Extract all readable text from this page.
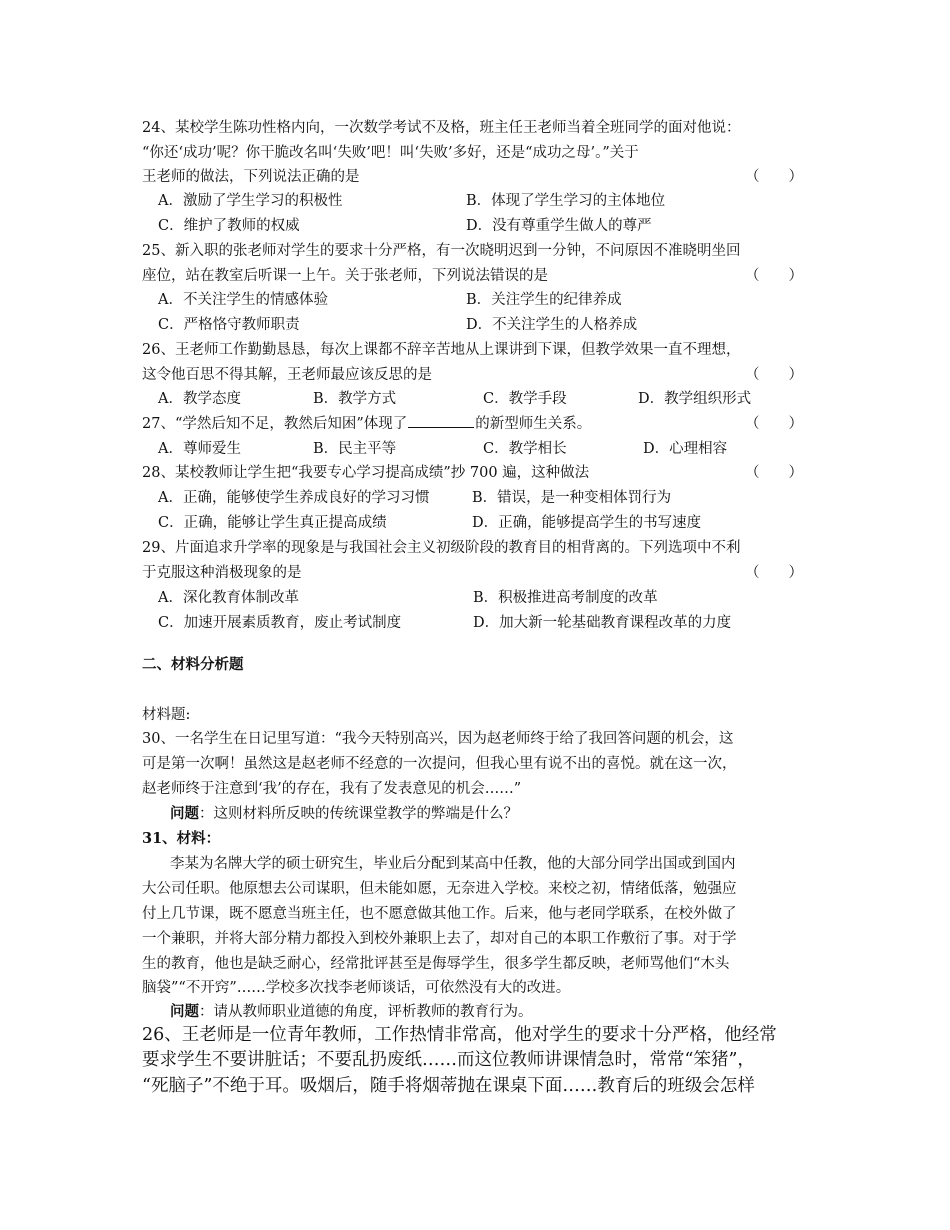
24、某校学生陈功性格内向，一次数学考试不及格，班主任王老师当着全班同学的面对他说：
“你还‘成功’呢？你干脆改名叫‘失败’吧！叫‘失败’多好，还是“成功之母’。”关于
王老师的做法，下列说法正确的是	（　　）
A．激励了学生学习的积极性	B．体现了学生学习的主体地位
C．维护了教师的权威	D．没有尊重学生做人的尊严
25、新入职的张老师对学生的要求十分严格，有一次晓明迟到一分钟，不问原因不准晓明坐回
座位，站在教室后听课一上午。关于张老师，下列说法错误的是	（　　）
A．不关注学生的情感体验	B．关注学生的纪律养成
C．严格恪守教师职责	D．不关注学生的人格养成
26、王老师工作勤勤恳恳，每次上课都不辞辛苦地从上课讲到下课，但教学效果一直不理想，
这令他百思不得其解，王老师最应该反思的是	（　　）
A．教学态度	B．教学方式	C．教学手段	D．教学组织形式
27、“学然后知不足，教然后知困”体现了	的新型师生关系。	（　　）
A．尊师爱生	B．民主平等	C．教学相长	D．心理相容
28、某校教师让学生把“我要专心学习提高成绩”抄 700 遍，这种做法	（　　）
A．正确，能够使学生养成良好的学习习惯	B．错误，是一种变相体罚行为
C．正确，能够让学生真正提高成绩	D．正确，能够提高学生的书写速度
29、片面追求升学率的现象是与我国社会主义初级阶段的教育目的相背离的。下列选项中不利
于克服这种消极现象的是	（　　）
A．深化教育体制改革	B．积极推进高考制度的改革
C．加速开展素质教育，废止考试制度	D．加大新一轮基础教育课程改革的力度
二、材料分析题
材料题:
30、一名学生在日记里写道：“我今天特别高兴，因为赵老师终于给了我回答问题的机会，这
可是第一次啊！虽然这是赵老师不经意的一次提问，但我心里有说不出的喜悦。就在这一次，
赵老师终于注意到‘我’的存在，我有了发表意见的机会……”
问题：这则材料所反映的传统课堂教学的弊端是什么？
31、材料：
李某为名牌大学的硕士研究生，毕业后分配到某高中任教，他的大部分同学出国或到国内
大公司任职。他原想去公司谋职，但未能如愿，无奈进入学校。来校之初，情绪低落，勉强应
付上几节课，既不愿意当班主任，也不愿意做其他工作。后来，他与老同学联系，在校外做了
一个兼职，并将大部分精力都投入到校外兼职上去了，却对自己的本职工作敷衍了事。对于学
生的教育，他也是缺乏耐心，经常批评甚至是侮辱学生，很多学生都反映，老师骂他们“木头
脑袋”“不开窍”……学校多次找李老师谈话，可依然没有大的改进。
问题：请从教师职业道德的角度，评析教师的教育行为。
26、王老师是一位青年教师，工作热情非常高，他对学生的要求十分严格，他经常
要求学生不要讲脏话；不要乱扔废纸……而这位教师讲课情急时，常常“笨猪”，
“死脑子”不绝于耳。吸烟后，随手将烟蒂抛在课桌下面……教育后的班级会怎样
